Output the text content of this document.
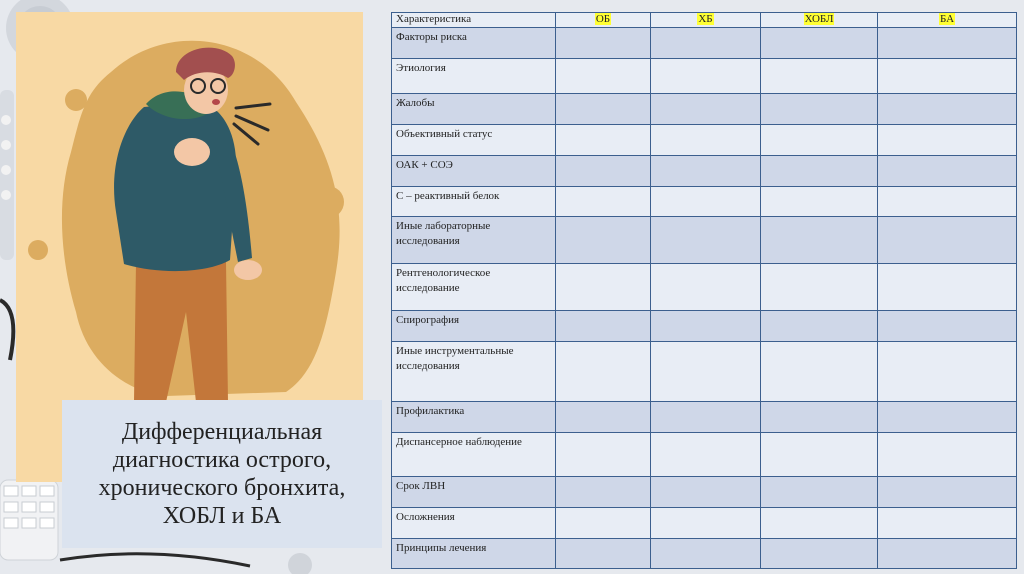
Дифференциальная
диагностика острого,
хронического бронхита,
ХОБЛ и БА
Характеристика	ОБ	ХБ	ХОБЛ	БА
Факторы риска				
Этиология				
Жалобы				
Объективный статус				
ОАК + СОЭ				
С – реактивный белок				
Иные лабораторные исследования				
Рентгенологическое исследование				
Спирография				
Иные инструментальные исследования				
Профилактика				
Диспансерное наблюдение				
Срок ЛВН				
Осложнения				
Принципы лечения				
